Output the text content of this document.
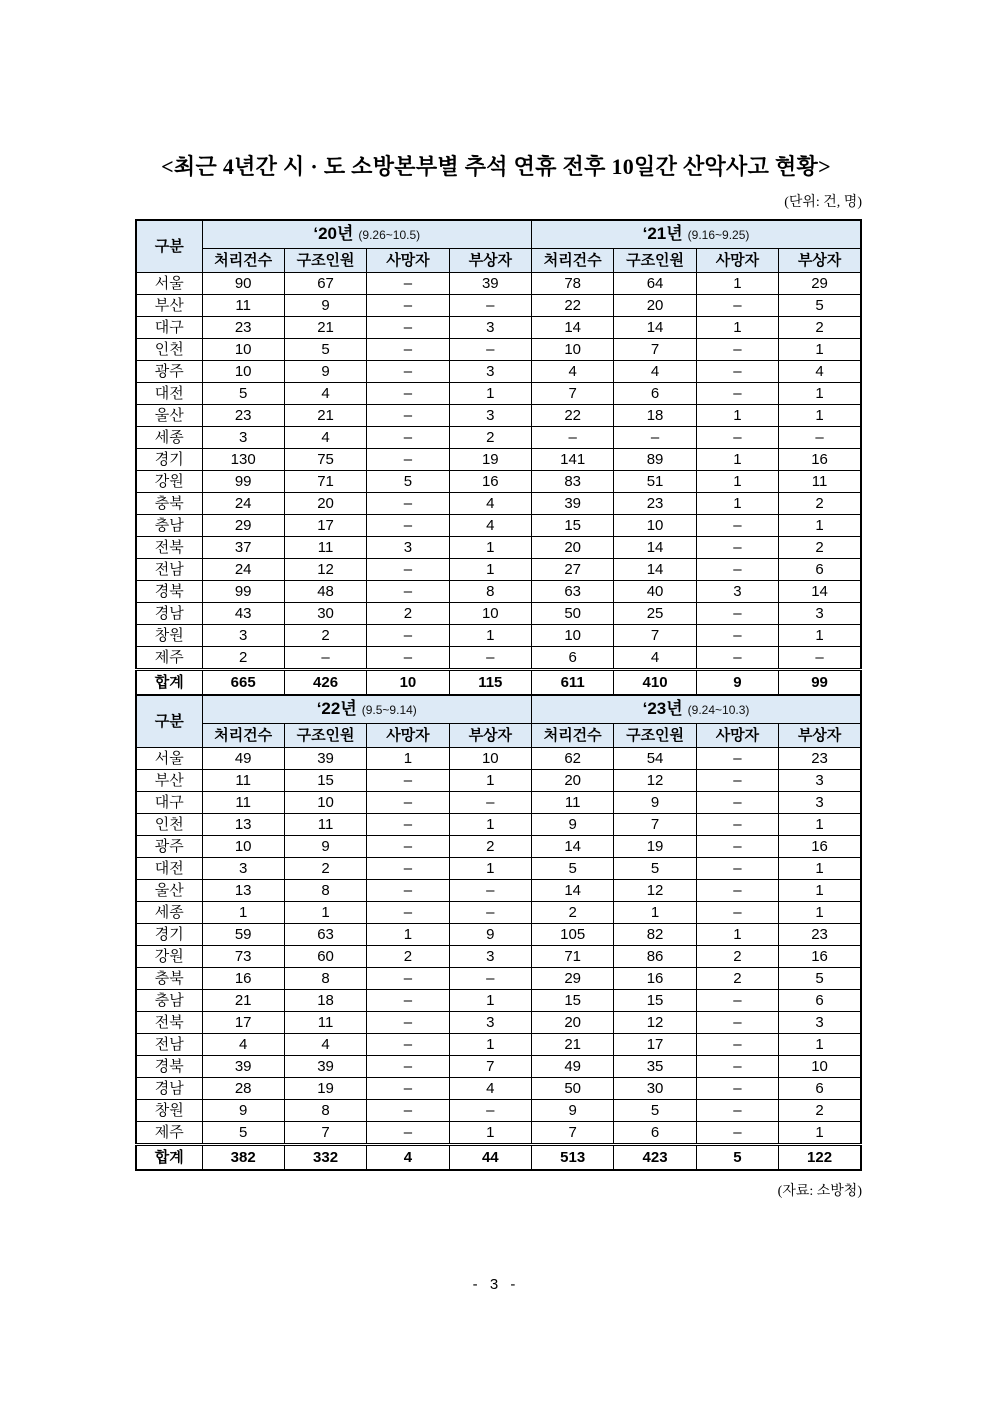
<최근 4년간 시 · 도 소방본부별 추석 연휴 전후 10일간 산악사고 현황>
(단위: 건, 명)
구분	‘20년 (9.26~10.5)				‘21년 (9.16~9.25)			
	처리건수	구조인원	사망자	부상자	처리건수	구조인원	사망자	부상자
서울	90	67	–	39	78	64	1	29
부산	11	9	–	–	22	20	–	5
대구	23	21	–	3	14	14	1	2
인천	10	5	–	–	10	7	–	1
광주	10	9	–	3	4	4	–	4
대전	5	4	–	1	7	6	–	1
울산	23	21	–	3	22	18	1	1
세종	3	4	–	2	–	–	–	–
경기	130	75	–	19	141	89	1	16
강원	99	71	5	16	83	51	1	11
충북	24	20	–	4	39	23	1	2
충남	29	17	–	4	15	10	–	1
전북	37	11	3	1	20	14	–	2
전남	24	12	–	1	27	14	–	6
경북	99	48	–	8	63	40	3	14
경남	43	30	2	10	50	25	–	3
창원	3	2	–	1	10	7	–	1
제주	2	–	–	–	6	4	–	–
합계	665	426	10	115	611	410	9	99
구분	‘22년 (9.5~9.14)				‘23년 (9.24~10.3)			
	처리건수	구조인원	사망자	부상자	처리건수	구조인원	사망자	부상자
서울	49	39	1	10	62	54	–	23
부산	11	15	–	1	20	12	–	3
대구	11	10	–	–	11	9	–	3
인천	13	11	–	1	9	7	–	1
광주	10	9	–	2	14	19	–	16
대전	3	2	–	1	5	5	–	1
울산	13	8	–	–	14	12	–	1
세종	1	1	–	–	2	1	–	1
경기	59	63	1	9	105	82	1	23
강원	73	60	2	3	71	86	2	16
충북	16	8	–	–	29	16	2	5
충남	21	18	–	1	15	15	–	6
전북	17	11	–	3	20	12	–	3
전남	4	4	–	1	21	17	–	1
경북	39	39	–	7	49	35	–	10
경남	28	19	–	4	50	30	–	6
창원	9	8	–	–	9	5	–	2
제주	5	7	–	1	7	6	–	1
합계	382	332	4	44	513	423	5	122
(자료: 소방청)
- 3 -
